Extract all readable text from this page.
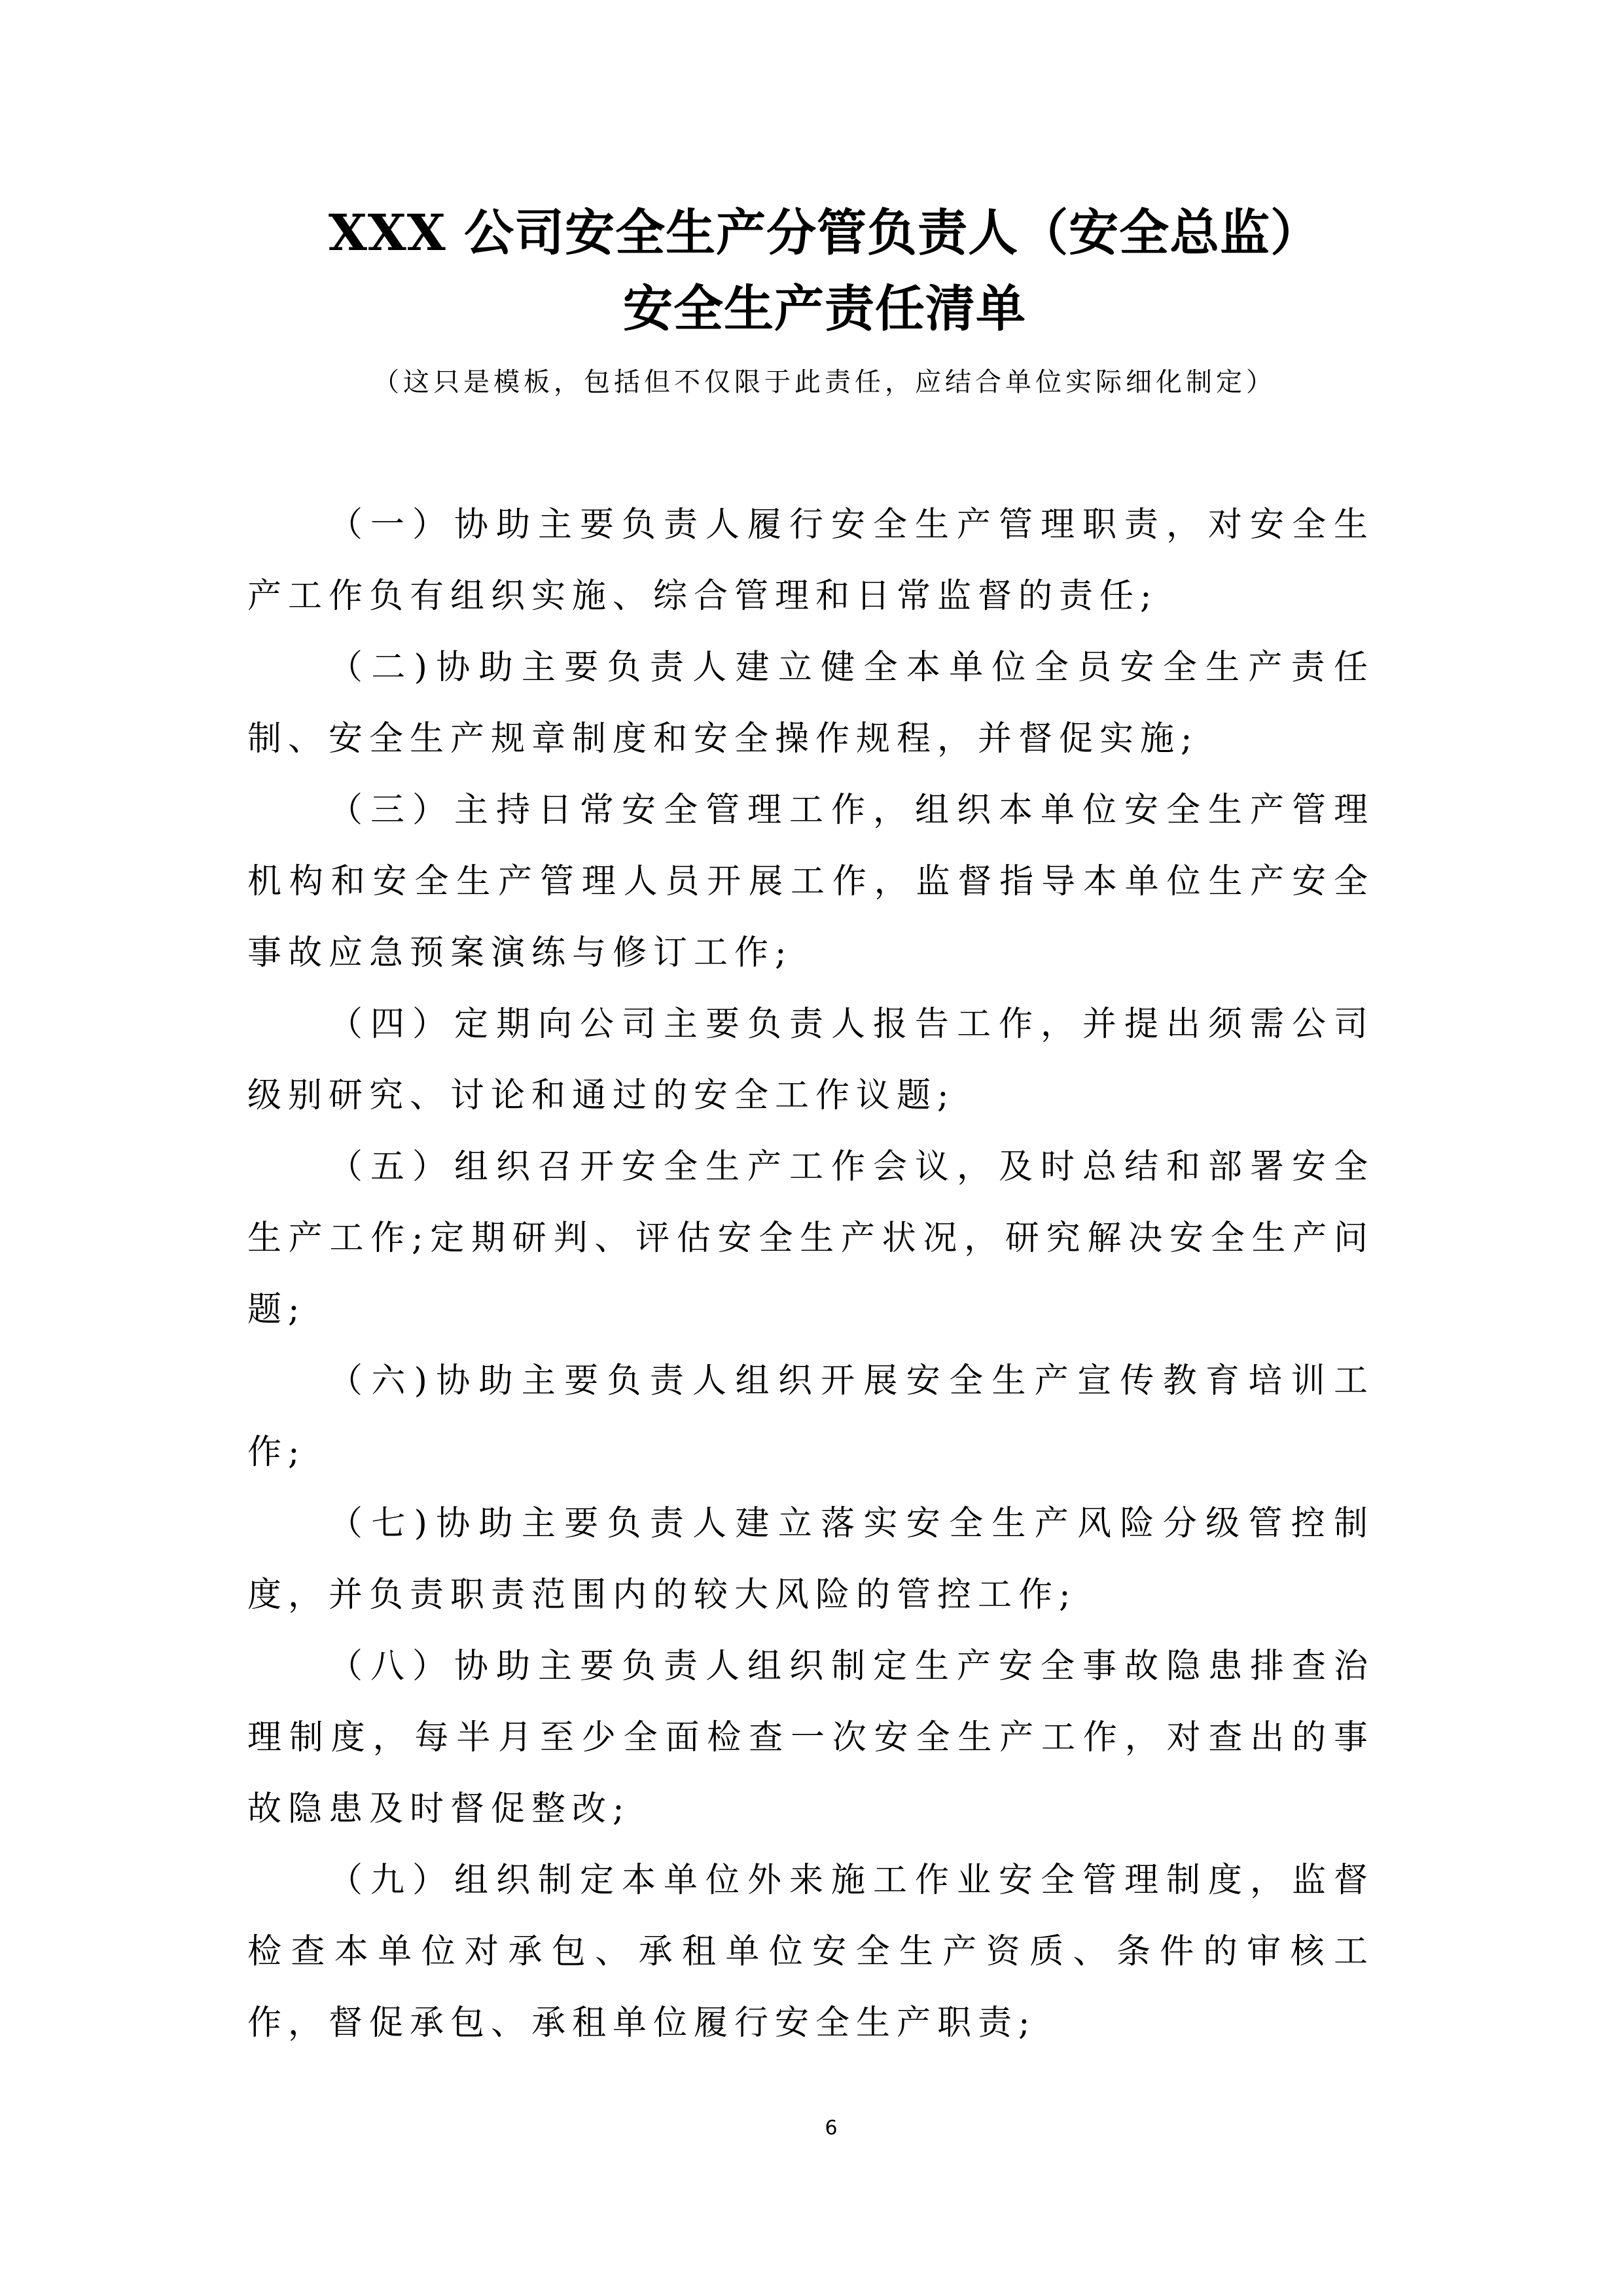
XXX 公司安全生产分管负责人（安全总监）
安全生产责任清单
（这只是模板，包括但不仅限于此责任，应结合单位实际细化制定）

（一）协助主要负责人履行安全生产管理职责，对安全生产工作负有组织实施、综合管理和日常监督的责任;

（二)协助主要负责人建立健全本单位全员安全生产责任制、安全生产规章制度和安全操作规程，并督促实施;

（三）主持日常安全管理工作，组织本单位安全生产管理机构和安全生产管理人员开展工作，监督指导本单位生产安全事故应急预案演练与修订工作;

（四）定期向公司主要负责人报告工作，并提出须需公司级别研究、讨论和通过的安全工作议题;

（五）组织召开安全生产工作会议，及时总结和部署安全生产工作;定期研判、评估安全生产状况，研究解决安全生产问题;

（六)协助主要负责人组织开展安全生产宣传教育培训工作;

（七)协助主要负责人建立落实安全生产风险分级管控制度，并负责职责范围内的较大风险的管控工作;

（八）协助主要负责人组织制定生产安全事故隐患排查治理制度，每半月至少全面检查一次安全生产工作，对查出的事故隐患及时督促整改;

（九）组织制定本单位外来施工作业安全管理制度，监督检查本单位对承包、承租单位安全生产资质、条件的审核工作，督促承包、承租单位履行安全生产职责;

6
